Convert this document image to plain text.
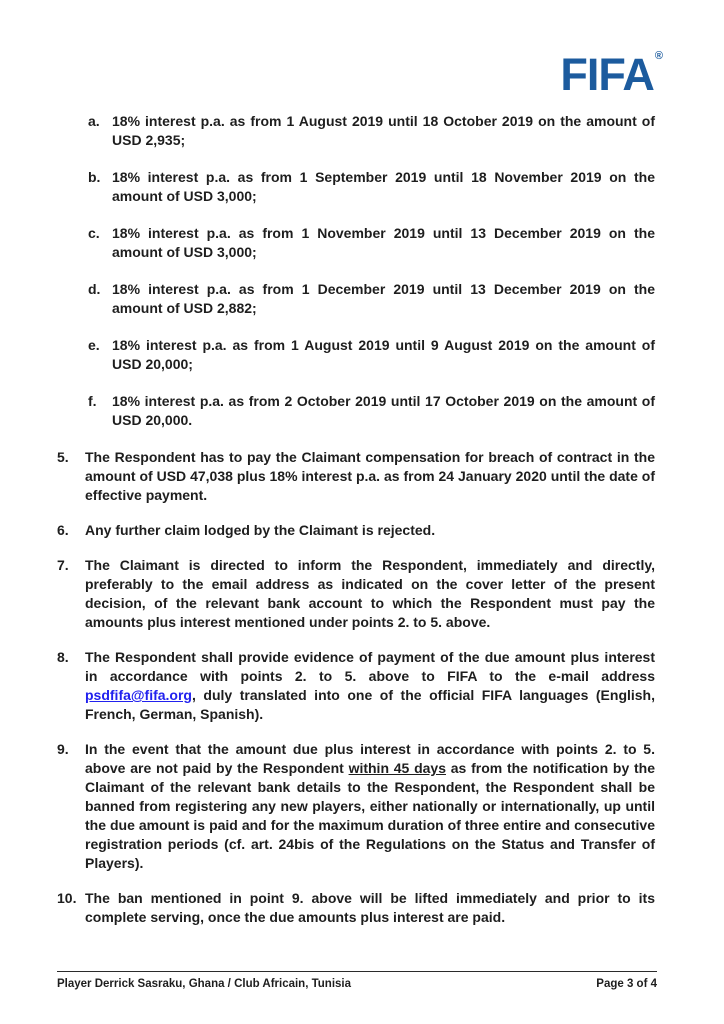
FIFA®
a. 18% interest p.a. as from 1 August 2019 until 18 October 2019 on the amount of USD 2,935;
b. 18% interest p.a. as from 1 September 2019 until 18 November 2019 on the amount of USD 3,000;
c. 18% interest p.a. as from 1 November 2019 until 13 December 2019 on the amount of USD 3,000;
d. 18% interest p.a. as from 1 December 2019 until 13 December 2019 on the amount of USD 2,882;
e. 18% interest p.a. as from 1 August 2019 until 9 August 2019 on the amount of USD 20,000;
f. 18% interest p.a. as from 2 October 2019 until 17 October 2019 on the amount of USD 20,000.
5. The Respondent has to pay the Claimant compensation for breach of contract in the amount of USD 47,038 plus 18% interest p.a. as from 24 January 2020 until the date of effective payment.
6. Any further claim lodged by the Claimant is rejected.
7. The Claimant is directed to inform the Respondent, immediately and directly, preferably to the email address as indicated on the cover letter of the present decision, of the relevant bank account to which the Respondent must pay the amounts plus interest mentioned under points 2. to 5. above.
8. The Respondent shall provide evidence of payment of the due amount plus interest in accordance with points 2. to 5. above to FIFA to the e-mail address psdfifa@fifa.org, duly translated into one of the official FIFA languages (English, French, German, Spanish).
9. In the event that the amount due plus interest in accordance with points 2. to 5. above are not paid by the Respondent within 45 days as from the notification by the Claimant of the relevant bank details to the Respondent, the Respondent shall be banned from registering any new players, either nationally or internationally, up until the due amount is paid and for the maximum duration of three entire and consecutive registration periods (cf. art. 24bis of the Regulations on the Status and Transfer of Players).
10. The ban mentioned in point 9. above will be lifted immediately and prior to its complete serving, once the due amounts plus interest are paid.
Player Derrick Sasraku, Ghana / Club Africain, Tunisia	Page 3 of 4
